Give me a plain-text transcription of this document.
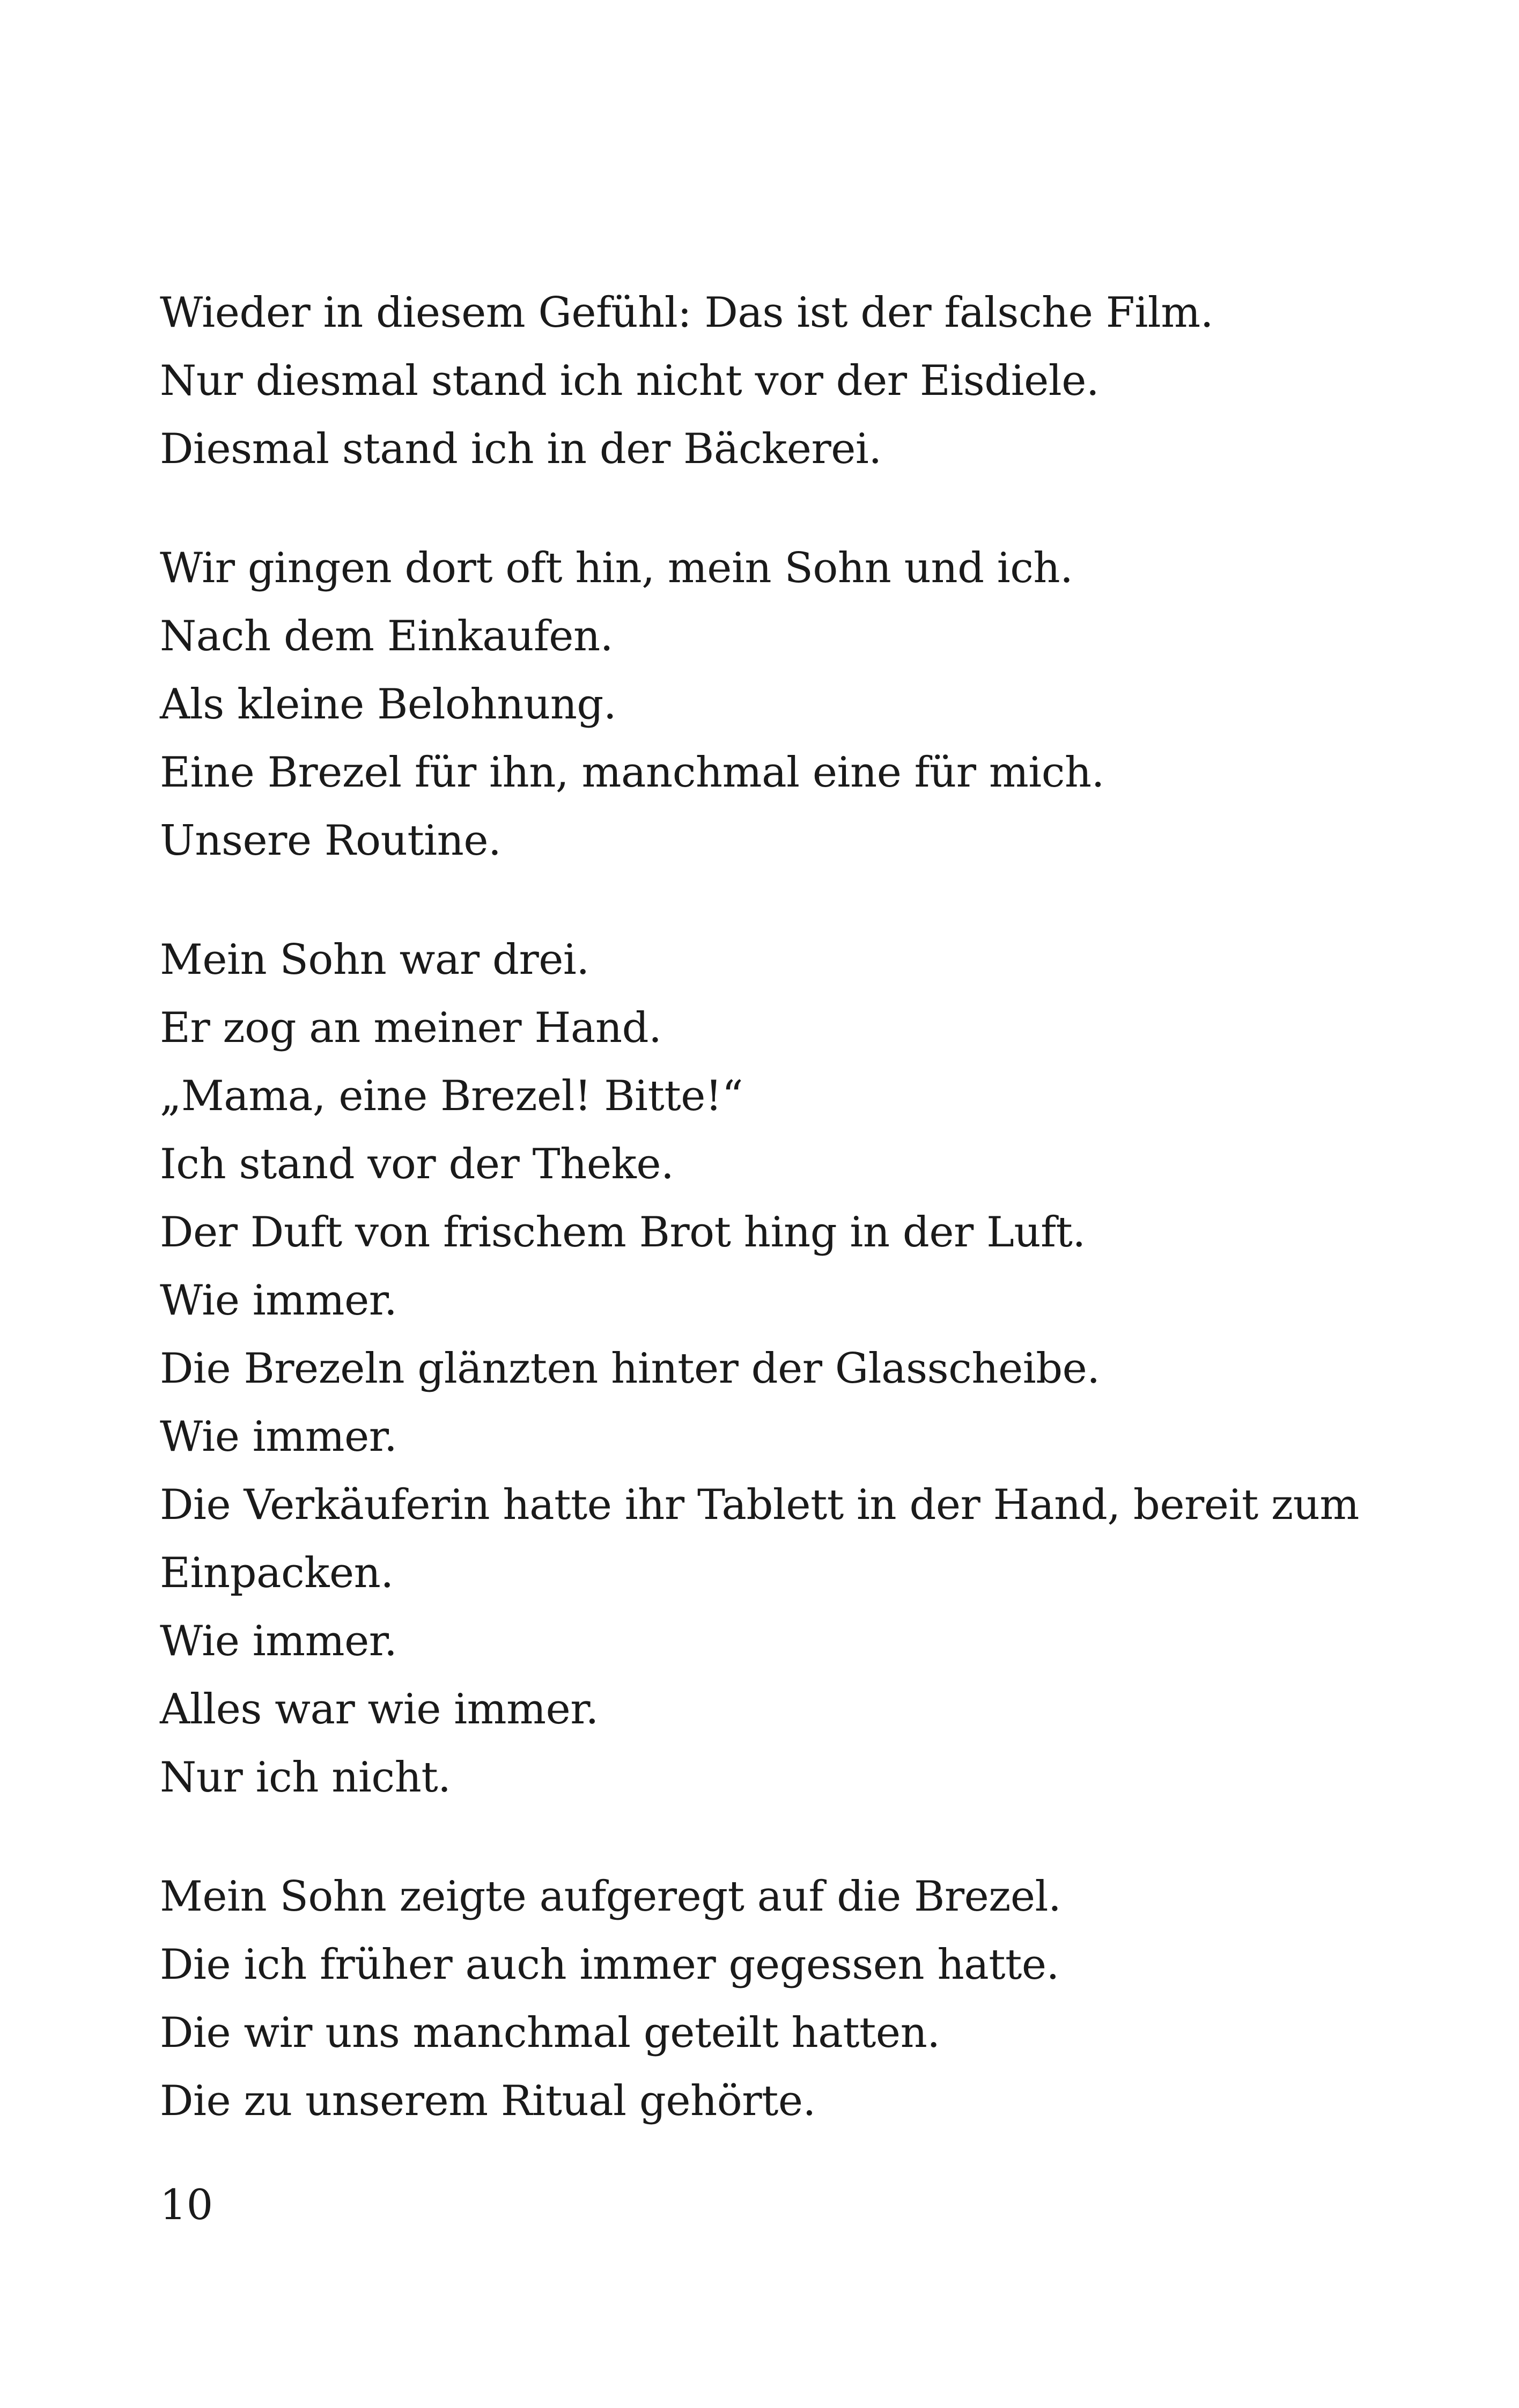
Wieder in diesem Gefühl: Das ist der falsche Film.
Nur diesmal stand ich nicht vor der Eisdiele.
Diesmal stand ich in der Bäckerei.
Wir gingen dort oft hin, mein Sohn und ich.
Nach dem Einkaufen.
Als kleine Belohnung.
Eine Brezel für ihn, manchmal eine für mich.
Unsere Routine.
Mein Sohn war drei.
Er zog an meiner Hand.
„Mama, eine Brezel! Bitte!“
Ich stand vor der Theke.
Der Duft von frischem Brot hing in der Luft.
Wie immer.
Die Brezeln glänzten hinter der Glasscheibe.
Wie immer.
Die Verkäuferin hatte ihr Tablett in der Hand, bereit zum
Einpacken.
Wie immer.
Alles war wie immer.
Nur ich nicht.
Mein Sohn zeigte aufgeregt auf die Brezel.
Die ich früher auch immer gegessen hatte.
Die wir uns manchmal geteilt hatten.
Die zu unserem Ritual gehörte.
10
